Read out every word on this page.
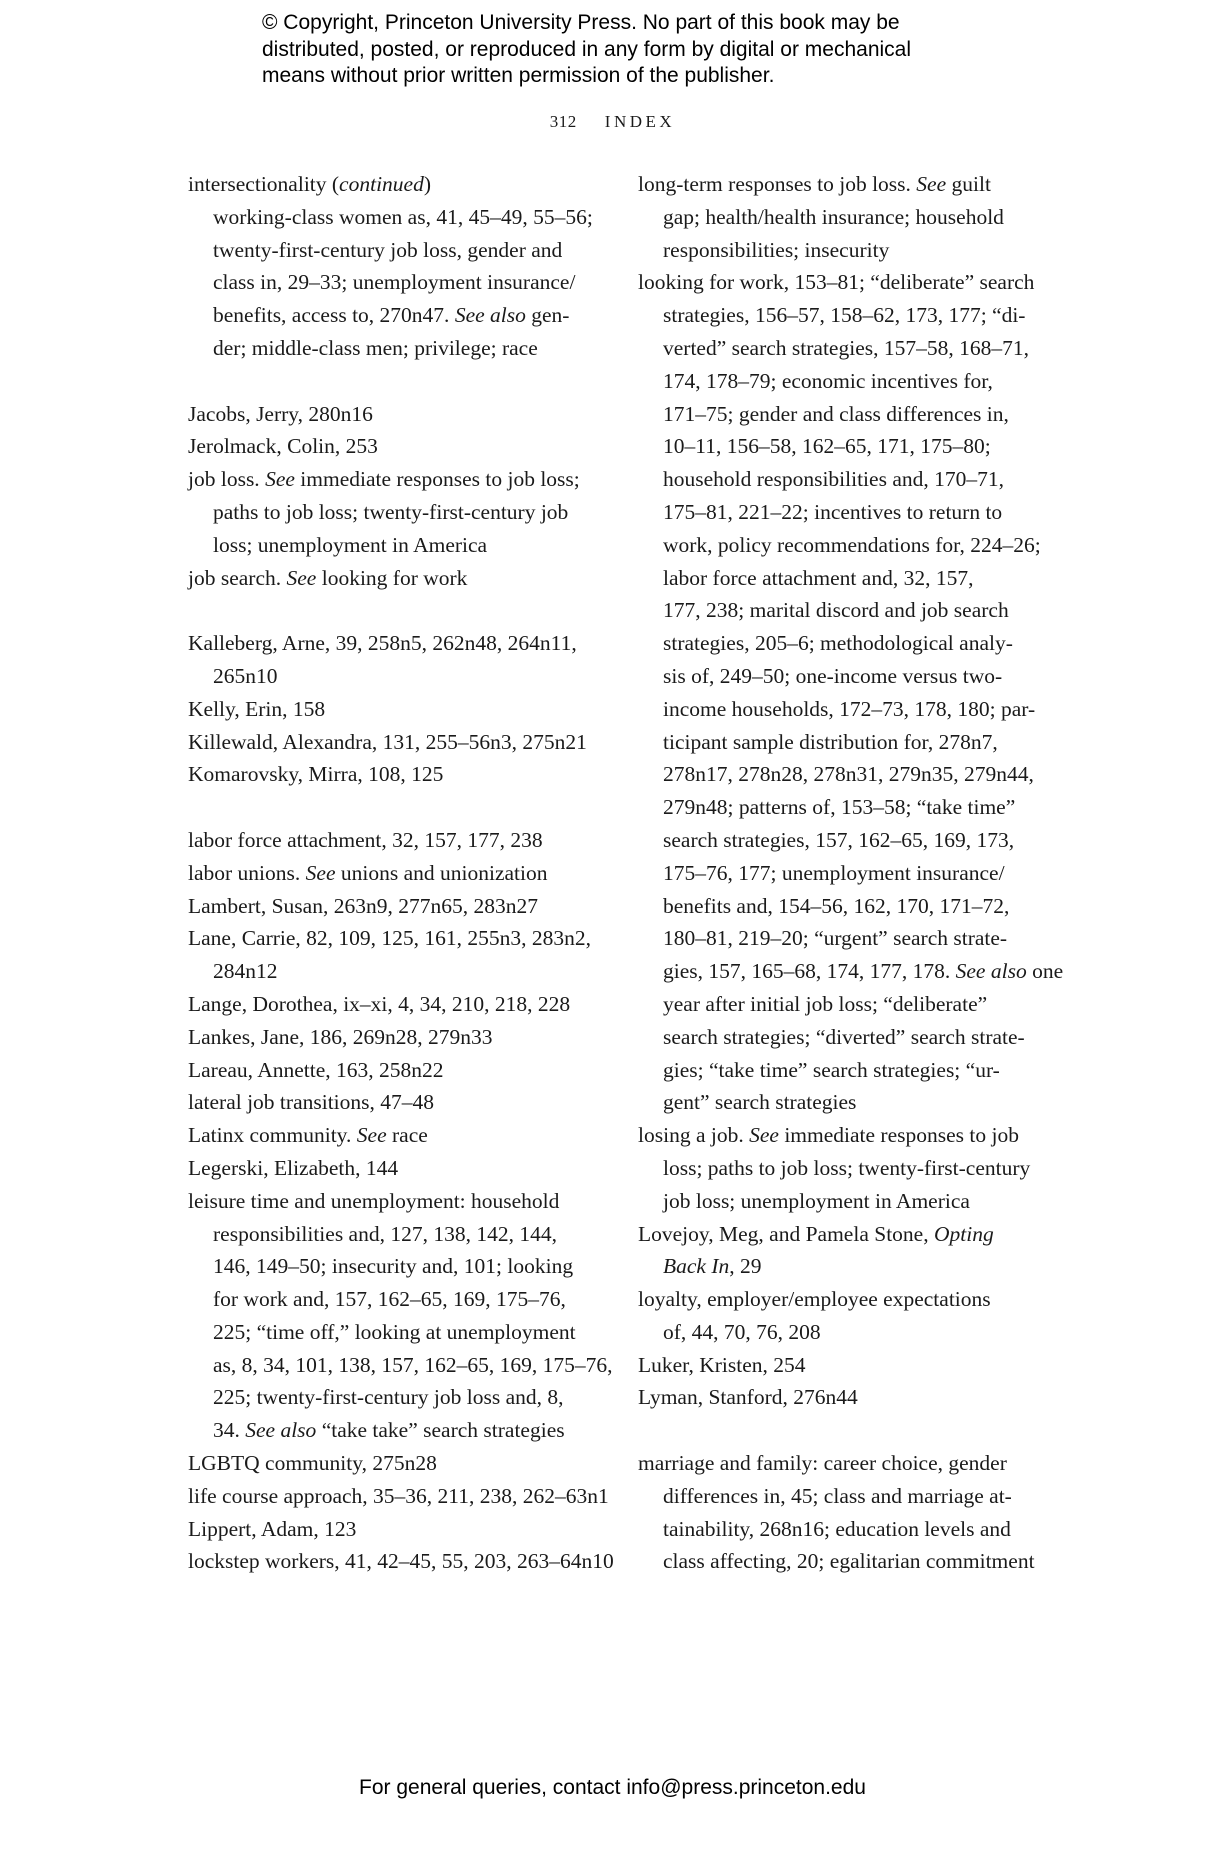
© Copyright, Princeton University Press. No part of this book may be
distributed, posted, or reproduced in any form by digital or mechanical
means without prior written permission of the publisher.
312 INDEX
intersectionality (continued)
working-class women as, 41, 45–49, 55–56;
twenty-first-century job loss, gender and
class in, 29–33; unemployment insurance/
benefits, access to, 270n47. See also gen-
der; middle-class men; privilege; race
Jacobs, Jerry, 280n16
Jerolmack, Colin, 253
job loss. See immediate responses to job loss;
paths to job loss; twenty-first-century job
loss; unemployment in America
job search. See looking for work
Kalleberg, Arne, 39, 258n5, 262n48, 264n11,
265n10
Kelly, Erin, 158
Killewald, Alexandra, 131, 255–56n3, 275n21
Komarovsky, Mirra, 108, 125
labor force attachment, 32, 157, 177, 238
labor unions. See unions and unionization
Lambert, Susan, 263n9, 277n65, 283n27
Lane, Carrie, 82, 109, 125, 161, 255n3, 283n2,
284n12
Lange, Dorothea, ix–xi, 4, 34, 210, 218, 228
Lankes, Jane, 186, 269n28, 279n33
Lareau, Annette, 163, 258n22
lateral job transitions, 47–48
Latinx community. See race
Legerski, Elizabeth, 144
leisure time and unemployment: household
responsibilities and, 127, 138, 142, 144,
146, 149–50; insecurity and, 101; looking
for work and, 157, 162–65, 169, 175–76,
225; “time off,” looking at unemployment
as, 8, 34, 101, 138, 157, 162–65, 169, 175–76,
225; twenty-first-century job loss and, 8,
34. See also “take take” search strategies
LGBTQ community, 275n28
life course approach, 35–36, 211, 238, 262–63n1
Lippert, Adam, 123
lockstep workers, 41, 42–45, 55, 203, 263–64n10
long-term responses to job loss. See guilt
gap; health/health insurance; household
responsibilities; insecurity
looking for work, 153–81; “deliberate” search
strategies, 156–57, 158–62, 173, 177; “di-
verted” search strategies, 157–58, 168–71,
174, 178–79; economic incentives for,
171–75; gender and class differences in,
10–11, 156–58, 162–65, 171, 175–80;
household responsibilities and, 170–71,
175–81, 221–22; incentives to return to
work, policy recommendations for, 224–26;
labor force attachment and, 32, 157,
177, 238; marital discord and job search
strategies, 205–6; methodological analy-
sis of, 249–50; one-income versus two-
income households, 172–73, 178, 180; par-
ticipant sample distribution for, 278n7,
278n17, 278n28, 278n31, 279n35, 279n44,
279n48; patterns of, 153–58; “take time”
search strategies, 157, 162–65, 169, 173,
175–76, 177; unemployment insurance/
benefits and, 154–56, 162, 170, 171–72,
180–81, 219–20; “urgent” search strate-
gies, 157, 165–68, 174, 177, 178. See also one
year after initial job loss; “deliberate”
search strategies; “diverted” search strate-
gies; “take time” search strategies; “ur-
gent” search strategies
losing a job. See immediate responses to job
loss; paths to job loss; twenty-first-century
job loss; unemployment in America
Lovejoy, Meg, and Pamela Stone, Opting
Back In, 29
loyalty, employer/employee expectations
of, 44, 70, 76, 208
Luker, Kristen, 254
Lyman, Stanford, 276n44
marriage and family: career choice, gender
differences in, 45; class and marriage at-
tainability, 268n16; education levels and
class affecting, 20; egalitarian commitment
For general queries, contact info@press.princeton.edu
